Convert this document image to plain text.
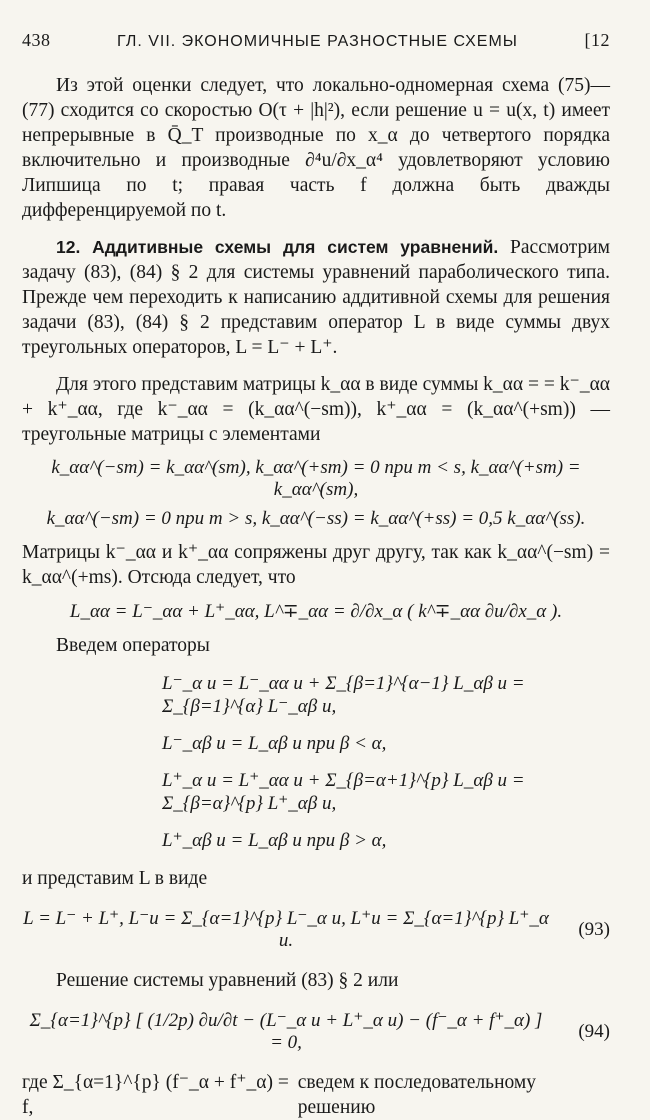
438	ГЛ. VII. ЭКОНОМИЧНЫЕ РАЗНОСТНЫЕ СХЕМЫ	[12

Из этой оценки следует, что локально-одномерная схема (75)—(77) сходится со скоростью O(τ + |h|²), если решение u = u(x, t) имеет непрерывные в Q̄_T производные по x_α до четвертого порядка включительно и производные ∂⁴u/∂x_α⁴ удовлетворяют условию Липшица по t; правая часть f должна быть дважды дифференцируемой по t.

12. Аддитивные схемы для систем уравнений. Рассмотрим задачу (83), (84) § 2 для системы уравнений параболического типа. Прежде чем переходить к написанию аддитивной схемы для решения задачи (83), (84) § 2 представим оператор L в виде суммы двух треугольных операторов, L = L⁻ + L⁺.

Для этого представим матрицы k_αα в виде суммы k_αα = = k⁻_αα + k⁺_αα, где k⁻_αα = (k_αα^(−sm)), k⁺_αα = (k_αα^(+sm)) — треугольные матрицы с элементами

k_αα^(−sm) = k_αα^(sm), k_αα^(+sm) = 0 при m < s, k_αα^(+sm) = k_αα^(sm),
k_αα^(−sm) = 0 при m > s, k_αα^(−ss) = k_αα^(+ss) = 0,5 k_αα^(ss).

Матрицы k⁻_αα и k⁺_αα сопряжены друг другу, так как k_αα^(−sm) = k_αα^(+ms). Отсюда следует, что

L_αα = L⁻_αα + L⁺_αα, L^∓_αα = ∂/∂x_α ( k^∓_αα ∂u/∂x_α ).

Введем операторы

L⁻_α u = L⁻_αα u + Σ_{β=1}^{α−1} L_αβ u = Σ_{β=1}^{α} L⁻_αβ u,
L⁻_αβ u = L_αβ u при β < α,
L⁺_α u = L⁺_αα u + Σ_{β=α+1}^{p} L_αβ u = Σ_{β=α}^{p} L⁺_αβ u,
L⁺_αβ u = L_αβ u при β > α,

и представим L в виде

L = L⁻ + L⁺, L⁻u = Σ_{α=1}^{p} L⁻_α u, L⁺u = Σ_{α=1}^{p} L⁺_α u.
(93)

Решение системы уравнений (83) § 2 или

Σ_{α=1}^{p} [ (1/2p) ∂u/∂t − (L⁻_α u + L⁺_α u) − (f⁻_α + f⁺_α) ] = 0,
(94)
где Σ_{α=1}^{p} (f⁻_α + f⁺_α) = f,
сведем к последовательному решению
